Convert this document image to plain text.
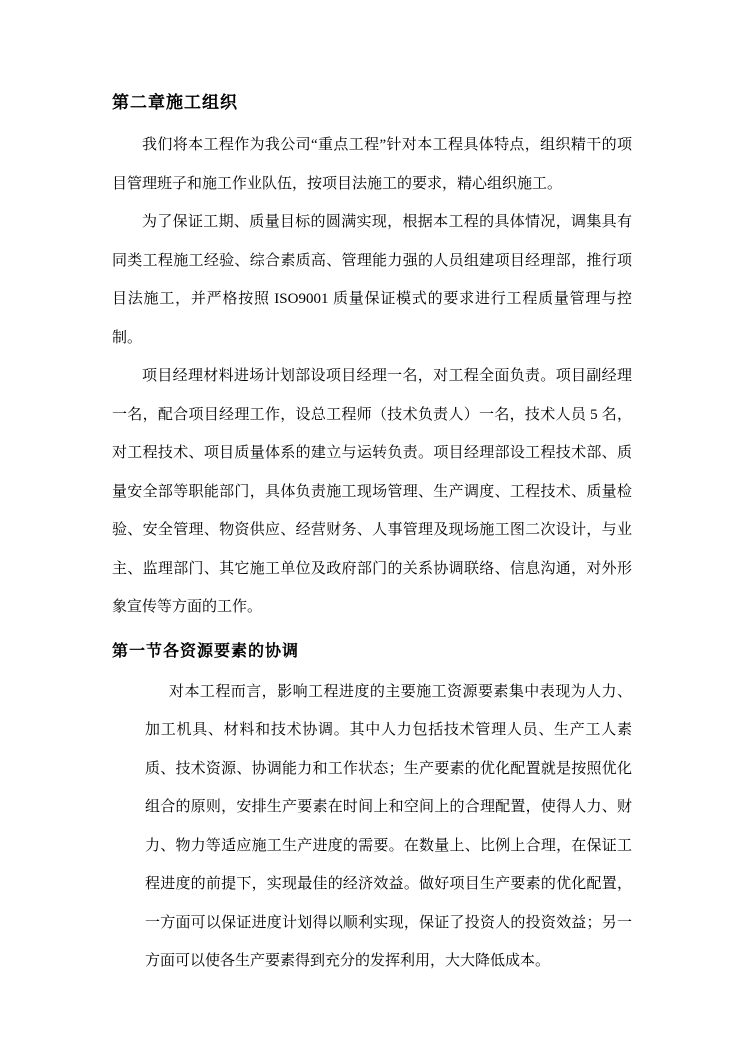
第二章施工组织

我们将本工程作为我公司“重点工程”针对本工程具体特点，组织精干的项目管理班子和施工作业队伍，按项目法施工的要求，精心组织施工。

为了保证工期、质量目标的圆满实现，根据本工程的具体情况，调集具有同类工程施工经验、综合素质高、管理能力强的人员组建项目经理部，推行项目法施工，并严格按照 ISO9001 质量保证模式的要求进行工程质量管理与控制。

项目经理材料进场计划部设项目经理一名，对工程全面负责。项目副经理一名，配合项目经理工作，设总工程师（技术负责人）一名，技术人员 5 名，对工程技术、项目质量体系的建立与运转负责。项目经理部设工程技术部、质量安全部等职能部门，具体负责施工现场管理、生产调度、工程技术、质量检验、安全管理、物资供应、经营财务、人事管理及现场施工图二次设计，与业主、监理部门、其它施工单位及政府部门的关系协调联络、信息沟通，对外形象宣传等方面的工作。

第一节各资源要素的协调

对本工程而言，影响工程进度的主要施工资源要素集中表现为人力、加工机具、材料和技术协调。其中人力包括技术管理人员、生产工人素质、技术资源、协调能力和工作状态；生产要素的优化配置就是按照优化组合的原则，安排生产要素在时间上和空间上的合理配置，使得人力、财力、物力等适应施工生产进度的需要。在数量上、比例上合理，在保证工程进度的前提下，实现最佳的经济效益。做好项目生产要素的优化配置，一方面可以保证进度计划得以顺利实现，保证了投资人的投资效益；另一方面可以使各生产要素得到充分的发挥利用，大大降低成本。
